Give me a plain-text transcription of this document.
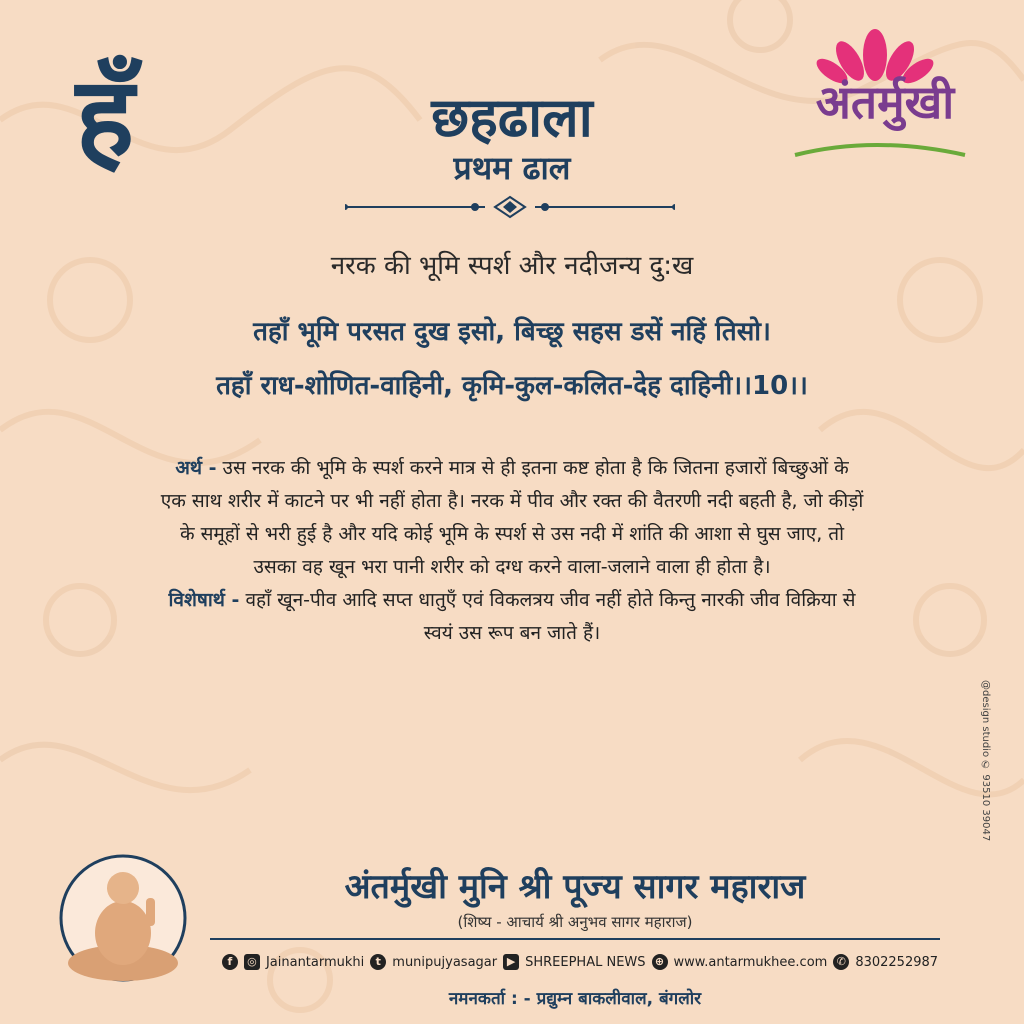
हँ	अंतर्मुखी
छहढाला
प्रथम ढाल
नरक की भूमि स्पर्श और नदीजन्य दु:ख
तहाँ भूमि परसत दुख इसो, बिच्छू सहस डसें नहिं तिसो।
तहाँ राध-शोणित-वाहिनी, कृमि-कुल-कलित-देह दाहिनी।।10।।
अर्थ - उस नरक की भूमि के स्पर्श करने मात्र से ही इतना कष्ट होता है कि जितना हजारों बिच्छुओं के एक साथ शरीर में काटने पर भी नहीं होता है। नरक में पीव और रक्त की वैतरणी नदी बहती है, जो कीड़ों के समूहों से भरी हुई है और यदि कोई भूमि के स्पर्श से उस नदी में शांति की आशा से घुस जाए, तो उसका वह खून भरा पानी शरीर को दग्ध करने वाला-जलाने वाला ही होता है।
विशेषार्थ - वहाँ खून-पीव आदि सप्त धातुएँ एवं विकलत्रय जीव नहीं होते किन्तु नारकी जीव विक्रिया से स्वयं उस रूप बन जाते हैं।
@design studio ✆ 93510 39047
अंतर्मुखी मुनि श्री पूज्य सागर महाराज
(शिष्य - आचार्य श्री अनुभव सागर महाराज)
f	◎ Jainantarmukhi	t munipujyasagar ▶ SHREEPHAL NEWS ⊕ www.antarmukhee.com ✆ 8302252987
नमनकर्ता : - प्रद्युम्न बाकलीवाल, बंगलोर
